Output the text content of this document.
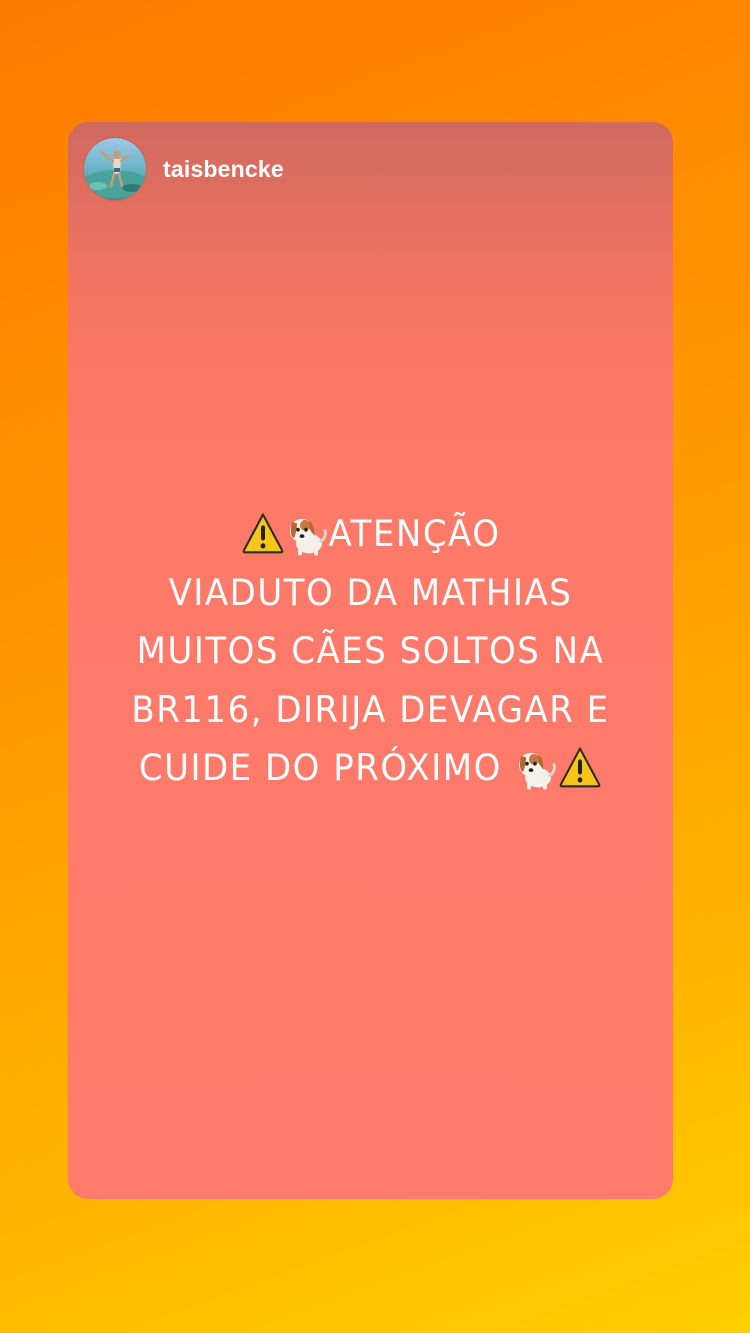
taisbencke
ATENÇÃO
VIADUTO DA MATHIAS
MUITOS CÃES SOLTOS NA
BR116, DIRIJA DEVAGAR E
CUIDE DO PRÓXIMO
